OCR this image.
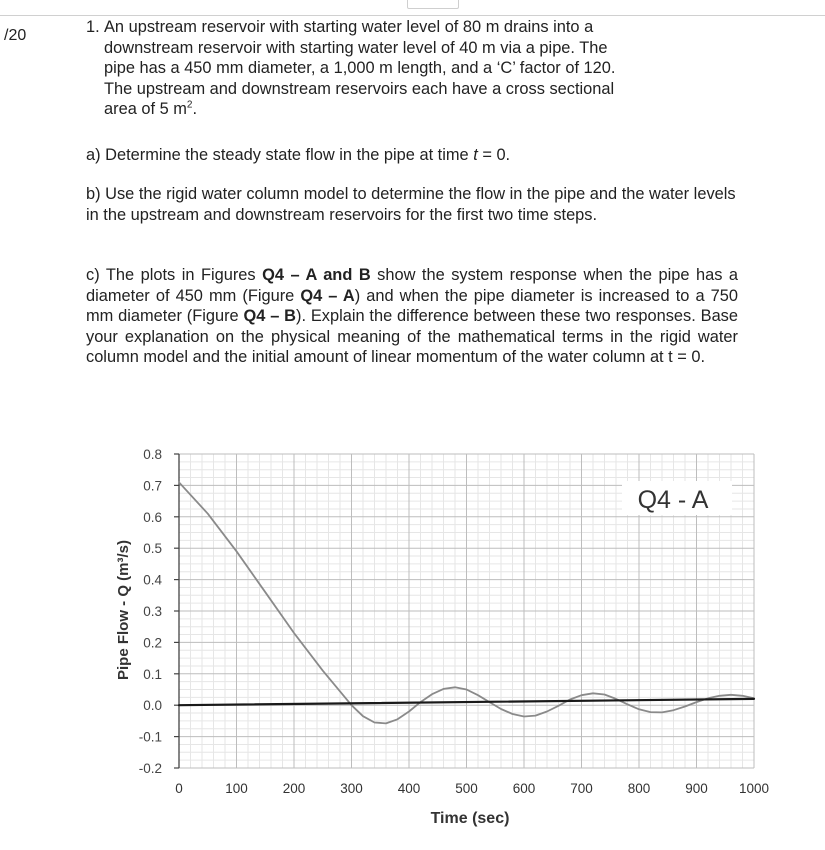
/20	1. An upstream reservoir with starting water level of 80 m drains into a
downstream reservoir with starting water level of 40 m via a pipe. The
pipe has a 450 mm diameter, a 1,000 m length, and a ‘C’ factor of 120.
The upstream and downstream reservoirs each have a cross sectional
area of 5 $m^2$.
a) Determine the steady state flow in the pipe at time t = 0.
b) Use the rigid water column model to determine the flow in the pipe and the water levels in the upstream and downstream reservoirs for the first two time steps.
c) The plots in Figures Q4 – A and B show the system response when the pipe has a diameter of 450 mm (Figure Q4 – A) and when the pipe diameter is increased to a 750 mm diameter (Figure Q4 – B). Explain the difference between these two responses. Base your explanation on the physical meaning of the mathematical terms in the rigid water column model and the initial amount of linear momentum of the water column at t = 0.
0.8
0.7
0.6
0.5
0.4
0.3
0.2
0.1
0.0
-0.1
-0.2
0	100	200	300	400	500	600	700	800	900 1000
Q4 - A
Time (sec)
Pipe Flow - Q (m³/s)
